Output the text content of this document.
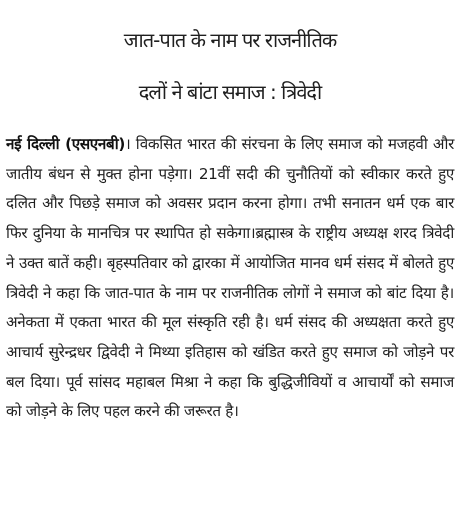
जात-पात के नाम पर राजनीतिक
दलों ने बांटा समाज : त्रिवेदी

नई दिल्ली (एसएनबी)। विकसित भारत की संरचना के लिए समाज को मजहवी और जातीय बंधन से मुक्त होना पड़ेगा। 21वीं सदी की चुनौतियों को स्वीकार करते हुए दलित और पिछड़े समाज को अवसर प्रदान करना होगा। तभी सनातन धर्म एक बार फिर दुनिया के मानचित्र पर स्थापित हो सकेगा।ब्रह्मास्त्र के राष्ट्रीय अध्यक्ष शरद त्रिवेदी ने उक्त बातें कही। बृहस्पतिवार को द्वारका में आयोजित मानव धर्म संसद में बोलते हुए त्रिवेदी ने कहा कि जात-पात के नाम पर राजनीतिक लोगों ने समाज को बांट दिया है। अनेकता में एकता भारत की मूल संस्कृति रही है। धर्म संसद की अध्यक्षता करते हुए आचार्य सुरेन्द्रधर द्विवेदी ने मिथ्या इतिहास को खंडित करते हुए समाज को जोड़ने पर बल दिया। पूर्व सांसद महाबल मिश्रा ने कहा कि बुद्धिजीवियों व आचार्यों को समाज को जोड़ने के लिए पहल करने की जरूरत है।
